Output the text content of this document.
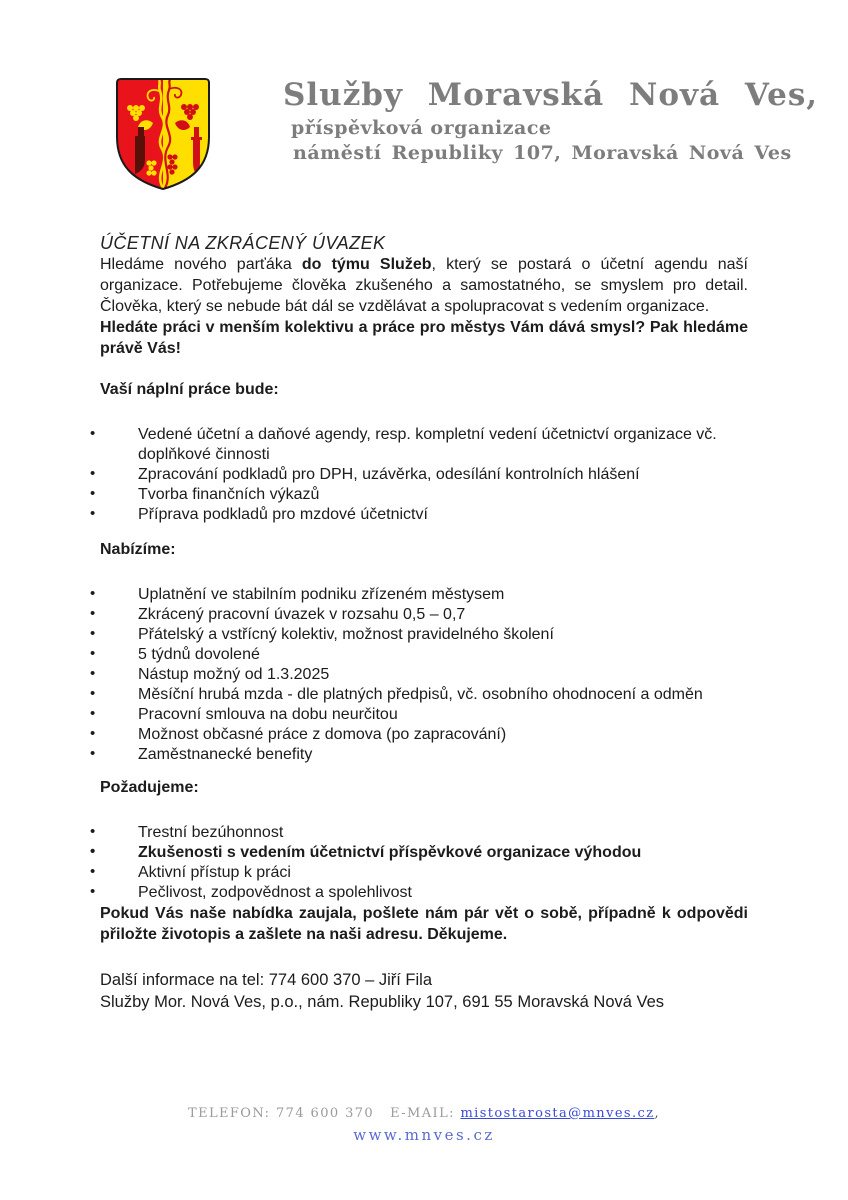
Služby Moravská Nová Ves,
příspěvková organizace
náměstí Republiky 107, Moravská Nová Ves
ÚČETNÍ NA ZKRÁCENÝ ÚVAZEK

Hledáme nového parťáka do týmu Služeb, který se postará o účetní agendu naší organizace. Potřebujeme člověka zkušeného a samostatného, se smyslem pro detail. Člověka, který se nebude bát dál se vzdělávat a spolupracovat s vedením organizace.

Hledáte práci v menším kolektivu a práce pro městys Vám dává smysl? Pak hledáme právě Vás!

Vaší náplní práce bude:

• Vedené účetní a daňové agendy, resp. kompletní vedení účetnictví organizace vč. doplňkové činnosti
• Zpracování podkladů pro DPH, uzávěrka, odesílání kontrolních hlášení
• Tvorba finančních výkazů
• Příprava podkladů pro mzdové účetnictví

Nabízíme:

• Uplatnění ve stabilním podniku zřízeném městysem
• Zkrácený pracovní úvazek v rozsahu 0,5 – 0,7
• Přátelský a vstřícný kolektiv, možnost pravidelného školení
• 5 týdnů dovolené
• Nástup možný od 1.3.2025
• Měsíční hrubá mzda - dle platných předpisů, vč. osobního ohodnocení a odměn
• Pracovní smlouva na dobu neurčitou
• Možnost občasné práce z domova (po zapracování)
• Zaměstnanecké benefity

Požadujeme:

• Trestní bezúhonnost
• Zkušenosti s vedením účetnictví příspěvkové organizace výhodou
• Aktivní přístup k práci
• Pečlivost, zodpovědnost a spolehlivost

Pokud Vás naše nabídka zaujala, pošlete nám pár vět o sobě, případně k odpovědi přiložte životopis a zašlete na naši adresu. Děkujeme.

Další informace na tel: 774 600 370 – Jiří Fila

Služby Mor. Nová Ves, p.o., nám. Republiky 107, 691 55 Moravská Nová Ves

TELEFON: 774 600 370 E-MAIL: mistostarosta@mnves.cz,
www.mnves.cz
